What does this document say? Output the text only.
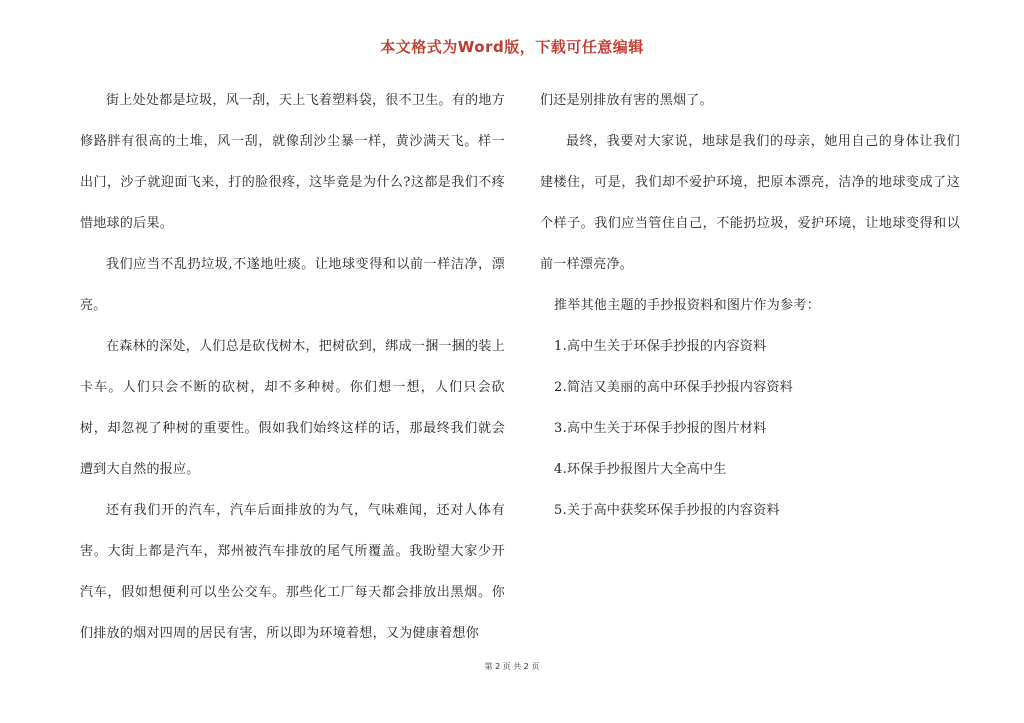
本文格式为Word版，下载可任意编辑

街上处处都是垃圾，风一刮，天上飞着塑料袋，很不卫生。有的地方修路胖有很高的土堆，风一刮，就像刮沙尘暴一样，黄沙满天飞。样一出门，沙子就迎面飞来，打的脸很疼，这毕竟是为什么?这都是我们不疼惜地球的后果。

我们应当不乱扔垃圾,不遂地吐痰。让地球变得和以前一样洁净，漂亮。

在森林的深处，人们总是砍伐树木，把树砍到，绑成一捆一捆的装上卡车。人们只会不断的砍树，却不多种树。你们想一想，人们只会砍树，却忽视了种树的重要性。假如我们始终这样的话，那最终我们就会遭到大自然的报应。

还有我们开的汽车，汽车后面排放的为气，气味难闻，还对人体有害。大街上都是汽车，郑州被汽车排放的尾气所覆盖。我盼望大家少开汽车，假如想便利可以坐公交车。那些化工厂每天都会排放出黑烟。你们排放的烟对四周的居民有害，所以即为环境着想，又为健康着想你

们还是别排放有害的黑烟了。

最终，我要对大家说，地球是我们的母亲，她用自己的身体让我们建楼住，可是，我们却不爱护环境，把原本漂亮，洁净的地球变成了这个样子。我们应当管住自己，不能扔垃圾，爱护环境，让地球变得和以前一样漂亮净。

推举其他主题的手抄报资料和图片作为参考：

1.高中生关于环保手抄报的内容资料

2.简洁又美丽的高中环保手抄报内容资料

3.高中生关于环保手抄报的图片材料

4.环保手抄报图片大全高中生

5.关于高中获奖环保手抄报的内容资料

第 2 页 共 2 页
